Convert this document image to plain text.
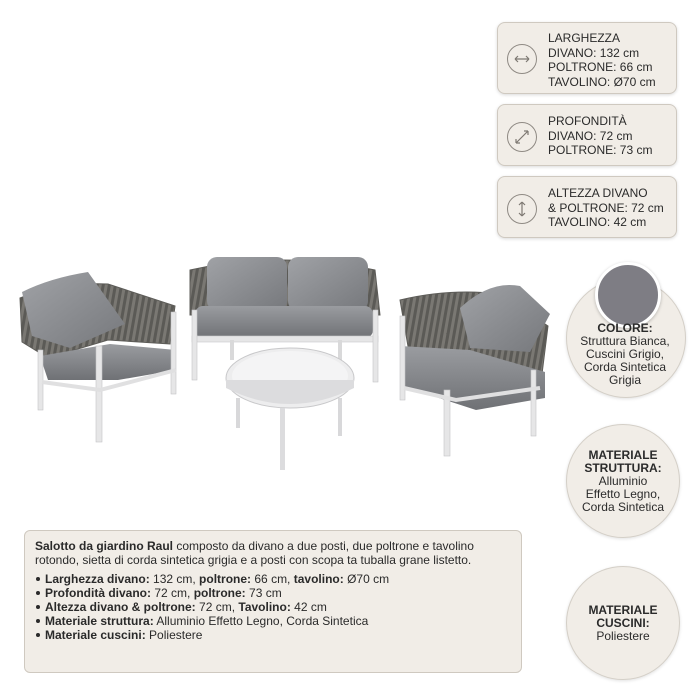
LARGHEZZA
DIVANO: 132 cm
POLTRONE: 66 cm
TAVOLINO: Ø70 cm
PROFONDITÀ
DIVANO: 72 cm
POLTRONE: 73 cm
ALTEZZA DIVANO
& POLTRONE: 72 cm
TAVOLINO: 42 cm
COLORE:
Struttura Bianca,
Cuscini Grigio,
Corda Sintetica
Grigia
MATERIALE
STRUTTURA:
Alluminio
Effetto Legno,
Corda Sintetica
MATERIALE
CUSCINI:
Poliestere
Salotto da giardino Raul composto da divano a due posti, due poltrone e tavolino rotondo, sietta di corda sintetica grigia e a posti con scopa ta tuballa grane listetto.
Larghezza divano: 132 cm, poltrone: 66 cm, tavolino: Ø70 cm
Profondità divano: 72 cm, poltrone: 73 cm
Altezza divano & poltrone: 72 cm, Tavolino: 42 cm
Materiale struttura: Alluminio Effetto Legno, Corda Sintetica
Materiale cuscini: Poliestere
